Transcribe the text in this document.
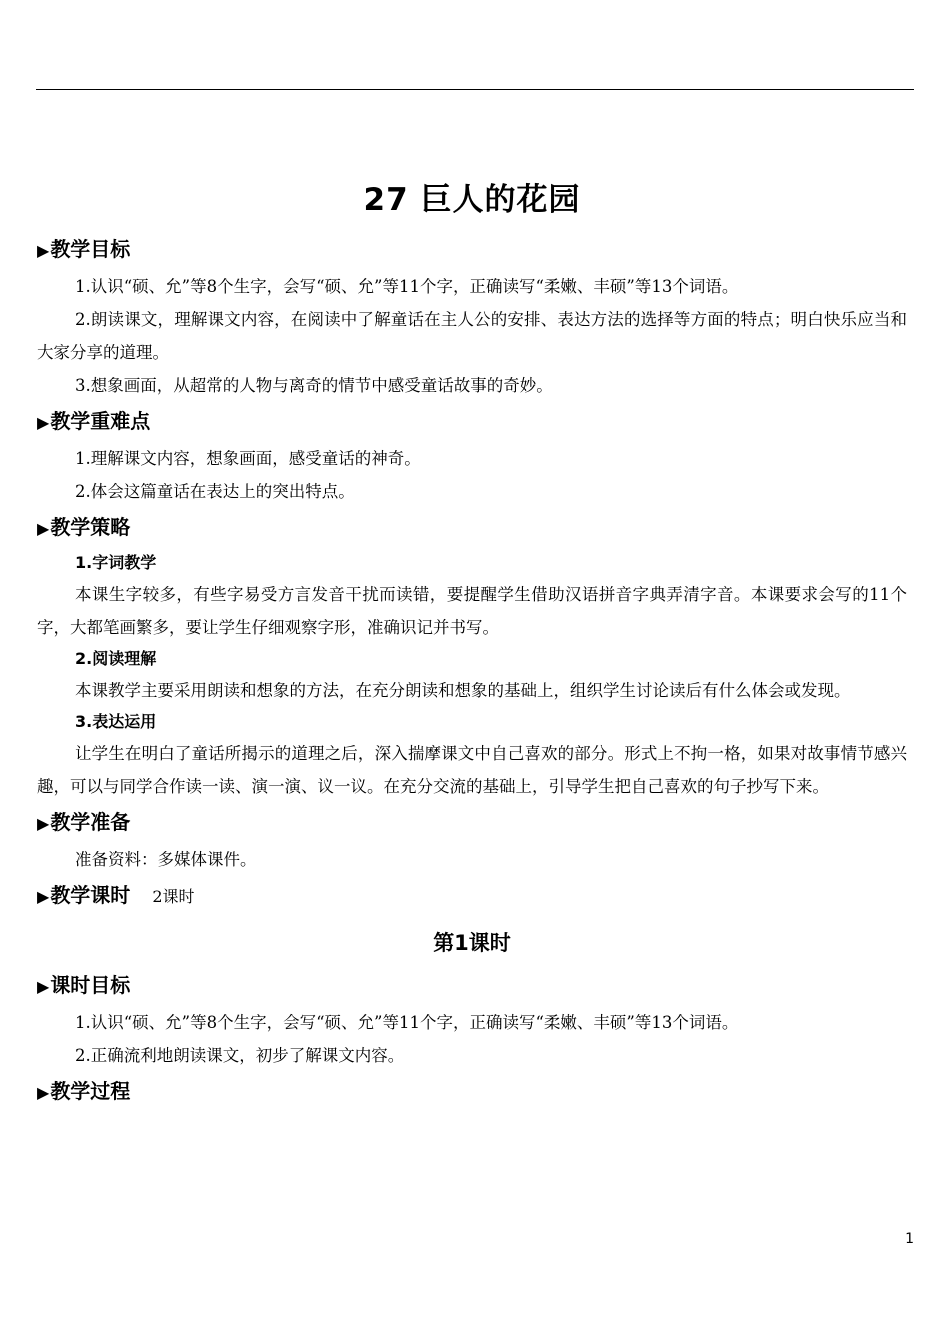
27 巨人的花园
▶教学目标

1.认识“硕、允”等8个生字，会写“硕、允”等11个字，正确读写“柔嫩、丰硕”等13个词语。

2.朗读课文，理解课文内容，在阅读中了解童话在主人公的安排、表达方法的选择等方面的特点；明白快乐应当和大家分享的道理。

3.想象画面，从超常的人物与离奇的情节中感受童话故事的奇妙。

▶教学重难点

1.理解课文内容，想象画面，感受童话的神奇。

2.体会这篇童话在表达上的突出特点。

▶教学策略
1.字词教学

本课生字较多，有些字易受方言发音干扰而读错，要提醒学生借助汉语拼音字典弄清字音。本课要求会写的11个字，大都笔画繁多，要让学生仔细观察字形，准确识记并书写。

2.阅读理解

本课教学主要采用朗读和想象的方法，在充分朗读和想象的基础上，组织学生讨论读后有什么体会或发现。

3.表达运用

让学生在明白了童话所揭示的道理之后，深入揣摩课文中自己喜欢的部分。形式上不拘一格，如果对故事情节感兴趣，可以与同学合作读一读、演一演、议一议。在充分交流的基础上，引导学生把自己喜欢的句子抄写下来。

▶教学准备

准备资料：多媒体课件。

▶教学课时 2课时
第1课时
▶课时目标

1.认识“硕、允”等8个生字，会写“硕、允”等11个字，正确读写“柔嫩、丰硕”等13个词语。

2.正确流利地朗读课文，初步了解课文内容。

▶教学过程
1
